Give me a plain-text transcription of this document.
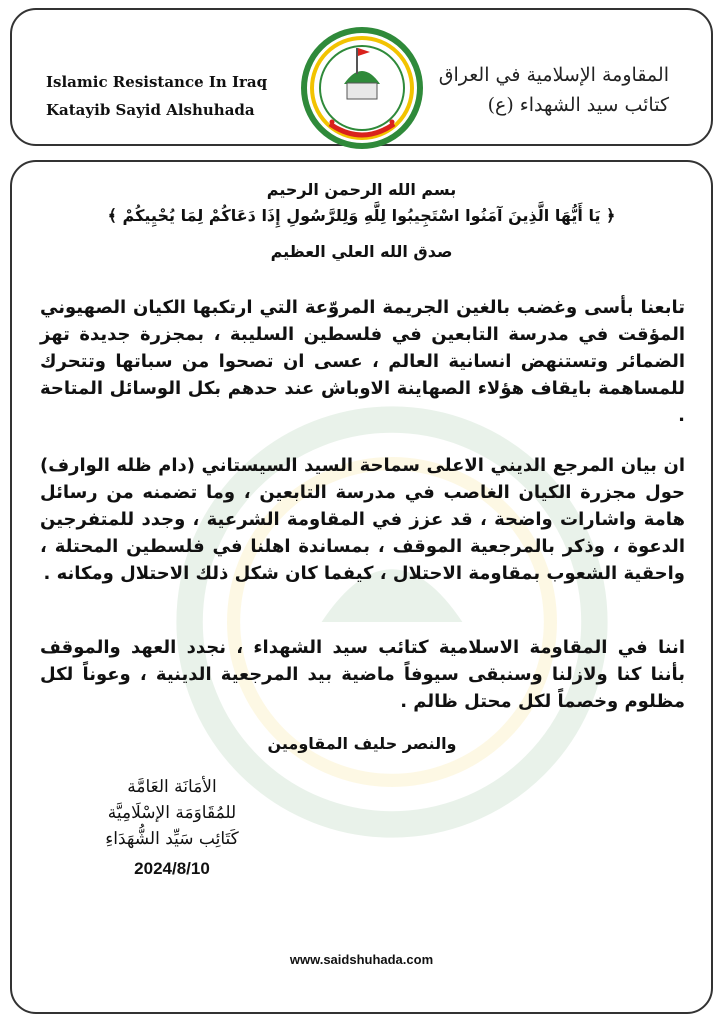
Islamic Resistance In Iraq
Katayib Sayid Alshuhada
المقاومة الإسلامية في العراق
كتائب سيد الشهداء (ع)
بسم الله الرحمن الرحيم
﴿ يَا أَيُّهَا الَّذِينَ آمَنُوا اسْتَجِيبُوا لِلَّهِ وَلِلرَّسُولِ إِذَا دَعَاكُمْ لِمَا يُحْيِيكُمْ ﴾
صدق الله العلي العظيم

تابعنا بأسى وغضب بالغين الجريمة المروّعة التي ارتكبها الكيان الصهيوني المؤقت في مدرسة التابعين في فلسطين السليبة ، بمجزرة جديدة تهز الضمائر وتستنهض انسانية العالم ، عسى ان تصحوا من سباتها وتتحرك للمساهمة بايقاف هؤلاء الصهاينة الاوباش عند حدهم بكل الوسائل المتاحة .

ان بيان المرجع الديني الاعلى سماحة السيد السيستاني (دام ظله الوارف) حول مجزرة الكيان الغاصب في مدرسة التابعين ، وما تضمنه من رسائل هامة واشارات واضحة ، قد عزز في المقاومة الشرعية ، وجدد للمتفرجين الدعوة ، وذكر بالمرجعية الموقف ، بمساندة اهلنا في فلسطين المحتلة ، واحقية الشعوب بمقاومة الاحتلال ، كيفما كان شكل ذلك الاحتلال ومكانه .

اننا في المقاومة الاسلامية كتائب سيد الشهداء ، نجدد العهد والموقف بأننا كنا ولازلنا وسنبقى سيوفاً ماضية بيد المرجعية الدينية ، وعوناً لكل مظلوم وخصماً لكل محتل ظالم .

والنصر حليف المقاومين
الأمَانَة العَامَّة
للمُقَاوَمَة الإسْلَامِيَّة
كَتَائِب سَيِّد الشُّهَدَاءِ
2024/8/10
www.saidshuhada.com
